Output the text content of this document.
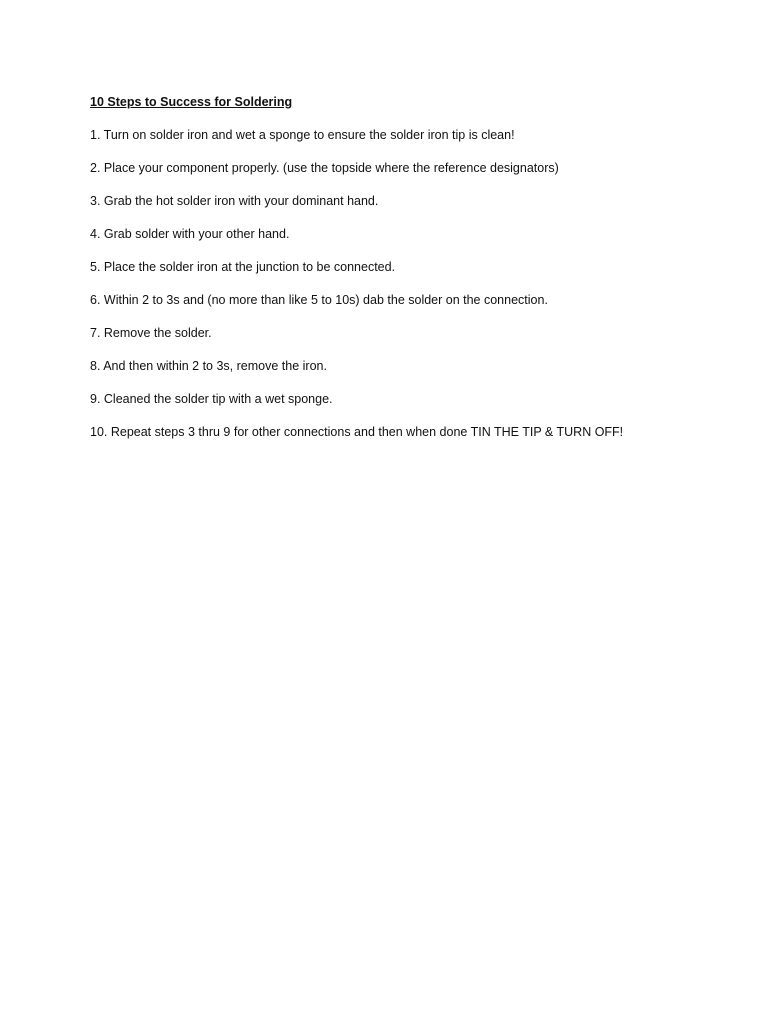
10 Steps to Success for Soldering
1. Turn on solder iron and wet a sponge to ensure the solder iron tip is clean!
2. Place your component properly. (use the topside where the reference designators)
3. Grab the hot solder iron with your dominant hand.
4. Grab solder with your other hand.
5. Place the solder iron at the junction to be connected.
6. Within 2 to 3s and (no more than like 5 to 10s) dab the solder on the connection.
7. Remove the solder.
8. And then within 2 to 3s, remove the iron.
9. Cleaned the solder tip with a wet sponge.
10. Repeat steps 3 thru 9 for other connections and then when done TIN THE TIP & TURN OFF!
